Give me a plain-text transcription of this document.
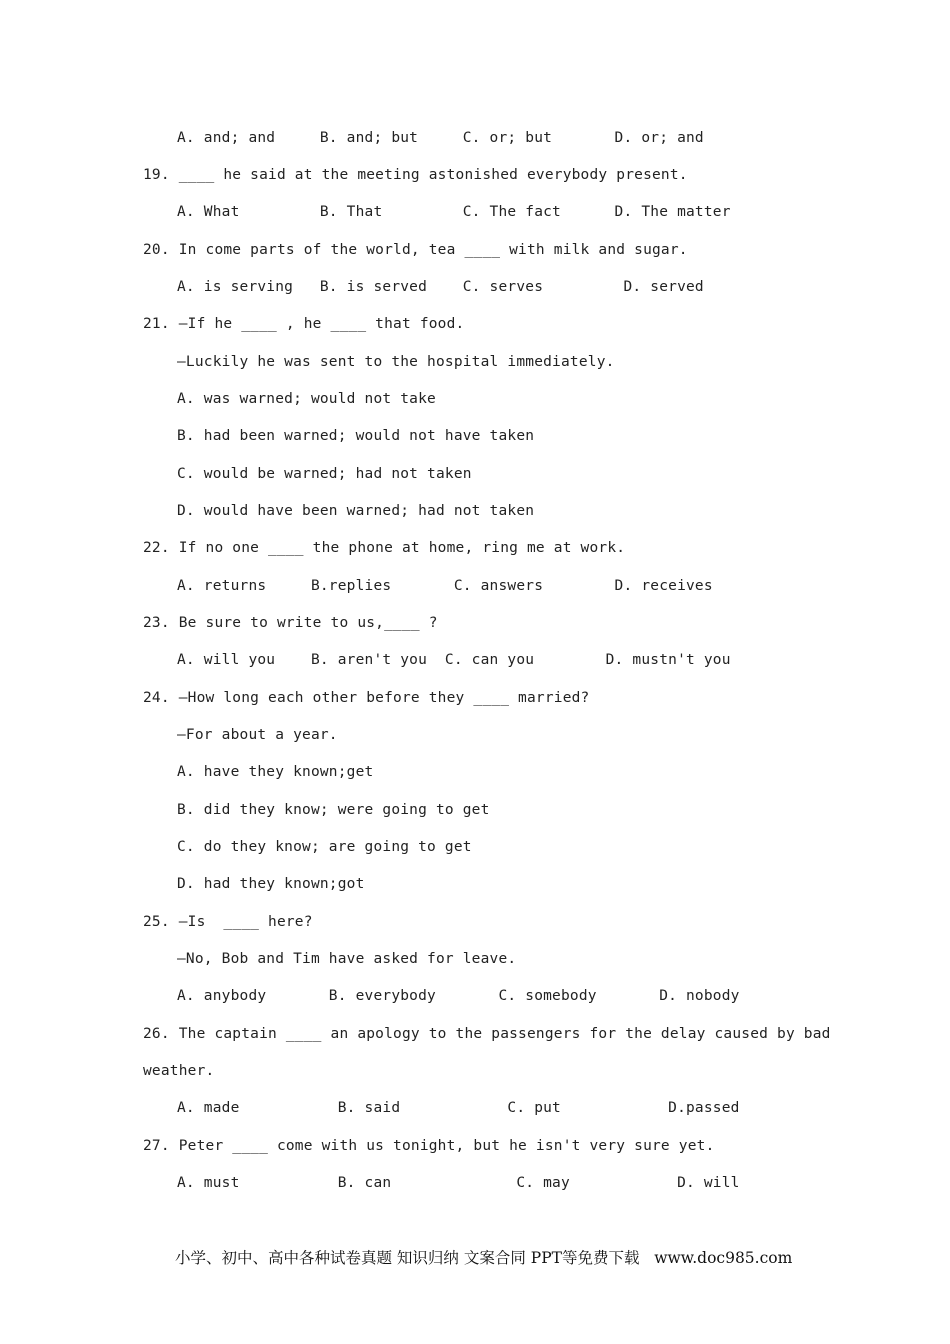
A. and; and     B. and; but     C. or; but       D. or; and
19. ____ he said at the meeting astonished everybody present.
A. What         B. That         C. The fact      D. The matter
20. In come parts of the world, tea ____ with milk and sugar.
A. is serving   B. is served    C. serves         D. served
21. —If he ____ , he ____ that food.
—Luckily he was sent to the hospital immediately.
A. was warned; would not take
B. had been warned; would not have taken
C. would be warned; had not taken
D. would have been warned; had not taken
22. If no one ____ the phone at home, ring me at work.
A. returns     B.replies       C. answers        D. receives
23. Be sure to write to us,____ ?
A. will you    B. aren't you  C. can you        D. mustn't you
24. —How long each other before they ____ married?
—For about a year.
A. have they known;get
B. did they know; were going to get
C. do they know; are going to get
D. had they known;got
25. —Is  ____ here?
—No, Bob and Tim have asked for leave.
A. anybody       B. everybody       C. somebody       D. nobody
26. The captain ____ an apology to the passengers for the delay caused by bad
weather.
A. made           B. said            C. put            D.passed
27. Peter ____ come with us tonight, but he isn't very sure yet.
A. must           B. can              C. may            D. will
小学、初中、高中各种试卷真题 知识归纳 文案合同 PPT等免费下载   www.doc985.com
